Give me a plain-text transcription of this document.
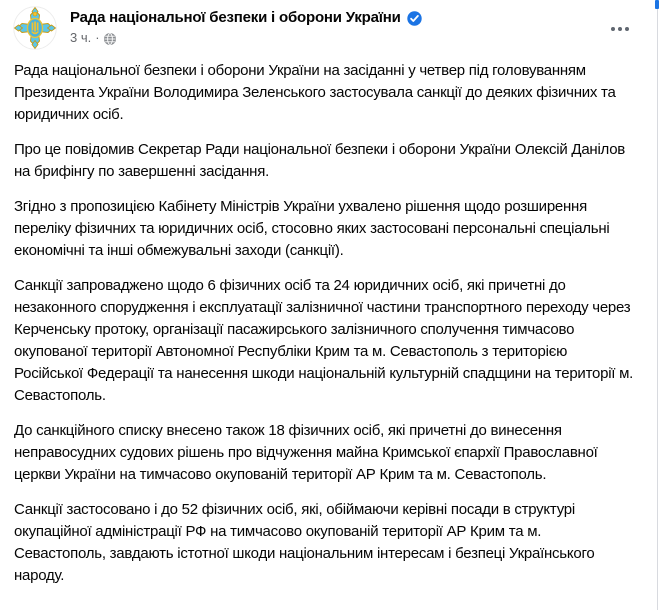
Рада національної безпеки і оборони України
3 ч. ·

Рада національної безпеки і оборони України на засіданні у четвер під головуванням Президента України Володимира Зеленського застосувала санкції до деяких фізичних та юридичних осіб.

Про це повідомив Секретар Ради національної безпеки і оборони України Олексій Данілов на брифінгу по завершенні засідання.

Згідно з пропозицією Кабінету Міністрів України ухвалено рішення щодо розширення переліку фізичних та юридичних осіб, стосовно яких застосовані персональні спеціальні економічні та інші обмежувальні заходи (санкції).

Санкції запроваджено щодо 6 фізичних осіб та 24 юридичних осіб, які причетні до незаконного спорудження і експлуатації залізничної частини транспортного переходу через Керченську протоку, організації пасажирського залізничного сполучення тимчасово окупованої території Автономної Республіки Крим та м. Севастополь з територією Російської Федерації та нанесення шкоди національній культурній спадщини на території м. Севастополь.

До санкційного списку внесено також 18 фізичних осіб, які причетні до винесення неправосудних судових рішень про відчуження майна Кримської єпархії Православної церкви України на тимчасово окупованій території АР Крим та м. Севастополь.

Санкції застосовано і до 52 фізичних осіб, які, обіймаючи керівні посади в структурі окупаційної адміністрації РФ на тимчасово окупованій території АР Крим та м. Севастополь, завдають істотної шкоди національним інтересам і безпеці Українського народу.
